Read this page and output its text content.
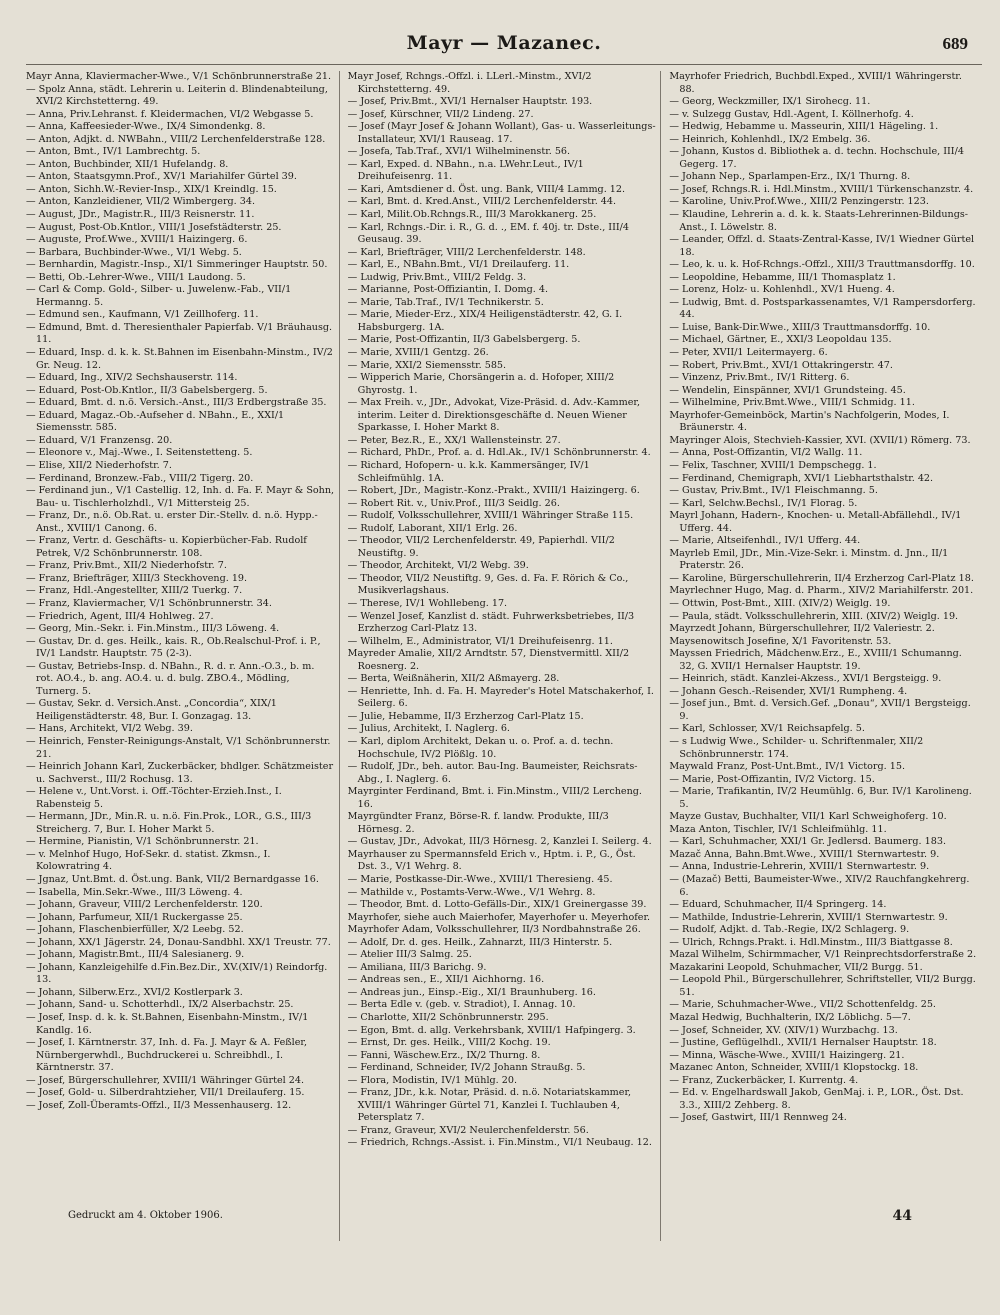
Mayr — Mazanec.	689
Mayr Anna, Klaviermacher-Wwe., V/1 Schönbrunnerstraße 21.
— Spolz Anna, städt. Lehrerin u. Leiterin d. Blindenabteilung, XVI/2 Kirchstetterng. 49.
— Anna, Priv.Lehranst. f. Kleidermachen, VI/2 Webgasse 5.
— Anna, Kaffeesieder-Wwe., IX/4 Simondenkg. 8.
— Anton, Adjkt. d. NWBahn., VIII/2 Lerchenfelderstraße 128.
— Anton, Bmt., IV/1 Lambrechtg. 5.
— Anton, Buchbinder, XII/1 Hufelandg. 8.
— Anton, Staatsgymn.Prof., XV/1 Mariahilfer Gürtel 39.
— Anton, Sichh.W.-Revier-Insp., XIX/1 Kreindlg. 15.
— Anton, Kanzleidiener, VII/2 Wimbergerg. 34.
— August, JDr., Magistr.R., III/3 Reisnerstr. 11.
— August, Post-Ob.Kntlor., VIII/1 Josefstädterstr. 25.
— Auguste, Prof.Wwe., XVIII/1 Haizingerg. 6.
— Barbara, Buchbinder-Wwe., VI/1 Webg. 5.
— Bernhardin, Magistr.-Insp., XI/1 Simmeringer Hauptstr. 50.
— Betti, Ob.-Lehrer-Wwe., VIII/1 Laudong. 5.
— Carl & Comp. Gold-, Silber- u. Juwelenw.-Fab., VII/1 Hermanng. 5.
— Edmund sen., Kaufmann, V/1 Zeillhoferg. 11.
— Edmund, Bmt. d. Theresienthaler Papierfab. V/1 Bräuhausg. 11.
— Eduard, Insp. d. k. k. St.Bahnen im Eisenbahn-Minstm., IV/2 Gr. Neug. 12.
— Eduard, Ing., XIV/2 Sechshauserstr. 114.
— Eduard, Post-Ob.Kntlor., II/3 Gabelsbergerg. 5.
— Eduard, Bmt. d. n.ö. Versich.-Anst., III/3 Erdbergstraße 35.
— Eduard, Magaz.-Ob.-Aufseher d. NBahn., E., XXI/1 Siemensstr. 585.
— Eduard, V/1 Franzensg. 20.
— Eleonore v., Maj.-Wwe., I. Seitenstetteng. 5.
— Elise, XII/2 Niederhofstr. 7.
— Ferdinand, Bronzew.-Fab., VIII/2 Tigerg. 20.
— Ferdinand jun., V/1 Castellig. 12, Inh. d. Fa. F. Mayr & Sohn, Bau- u. Tischlerholzhdl., V/1 Mittersteig 25.
— Franz, Dr., n.ö. Ob.Rat. u. erster Dir.-Stellv. d. n.ö. Hypp.-Anst., XVIII/1 Canong. 6.
— Franz, Vertr. d. Geschäfts- u. Kopierbücher-Fab. Rudolf Petrek, V/2 Schönbrunnerstr. 108.
— Franz, Priv.Bmt., XII/2 Niederhofstr. 7.
— Franz, Briefträger, XIII/3 Steckhoveng. 19.
— Franz, Hdl.-Angestellter, XIII/2 Tuerkg. 7.
— Franz, Klaviermacher, V/1 Schönbrunnerstr. 34.
— Friedrich, Agent, III/4 Hohlweg. 27.
— Georg, Min.-Sekr. i. Fin.Minstm., III/3 Löweng. 4.
— Gustav, Dr. d. ges. Heilk., kais. R., Ob.Realschul-Prof. i. P., IV/1 Landstr. Hauptstr. 75 (2-3).
— Gustav, Betriebs-Insp. d. NBahn., R. d. r. Ann.-O.3., b. m. rot. AO.4., b. ang. AO.4. u. d. bulg. ZBO.4., Mödling, Turnerg. 5.
— Gustav, Sekr. d. Versich.Anst. „Concordia“, XIX/1 Heiligenstädterstr. 48, Bur. I. Gonzagag. 13.
— Hans, Architekt, VI/2 Webg. 39.
— Heinrich, Fenster-Reinigungs-Anstalt, V/1 Schönbrunnerstr. 21.
— Heinrich Johann Karl, Zuckerbäcker, bhdlger. Schätzmeister u. Sachverst., III/2 Rochusg. 13.
— Helene v., Unt.Vorst. i. Off.-Töchter-Erzieh.Inst., I. Rabensteig 5.
— Hermann, JDr., Min.R. u. n.ö. Fin.Prok., LOR., G.S., III/3 Streicherg. 7, Bur. I. Hoher Markt 5.
— Hermine, Pianistin, V/1 Schönbrunnerstr. 21.
— v. Melnhof Hugo, Hof-Sekr. d. statist. Zkmsn., I. Kolowratring 4.
— Jgnaz, Unt.Bmt. d. Öst.ung. Bank, VII/2 Bernardgasse 16.
— Isabella, Min.Sekr.-Wwe., III/3 Löweng. 4.
— Johann, Graveur, VIII/2 Lerchenfelderstr. 120.
— Johann, Parfumeur, XII/1 Ruckergasse 25.
— Johann, Flaschenbierfüller, X/2 Leebg. 52.
— Johann, XX/1 Jägerstr. 24, Donau-Sandbhl. XX/1 Treustr. 77.
— Johann, Magistr.Bmt., III/4 Salesianerg. 9.
— Johann, Kanzleigehilfe d.Fin.Bez.Dir., XV.(XIV/1) Reindorfg. 13.
— Johann, Silberw.Erz., XVI/2 Kostlerpark 3.
— Johann, Sand- u. Schotterhdl., IX/2 Alserbachstr. 25.
— Josef, Insp. d. k. k. St.Bahnen, Eisenbahn-Minstm., IV/1 Kandlg. 16.
— Josef, I. Kärntnerstr. 37, Inh. d. Fa. J. Mayr & A. Feßler, Nürnbergerwhdl., Buchdruckerei u. Schreibhdl., I. Kärntnerstr. 37.
— Josef, Bürgerschullehrer, XVIII/1 Währinger Gürtel 24.
— Josef, Gold- u. Silberdrahtzieher, VII/1 Dreilauferg. 15.
— Josef, Zoll-Überamts-Offzl., II/3 Messenhauserg. 12.
Mayr Josef, Rchngs.-Offzl. i. LLerl.-Minstm., XVI/2 Kirchstetterng. 49.
— Josef, Priv.Bmt., XVI/1 Hernalser Hauptstr. 193.
— Josef, Kürschner, VII/2 Lindeng. 27.
— Josef (Mayr Josef & Johann Wollant), Gas- u. Wasserleitungs-Installateur, XVI/1 Rauseag. 17.
— Josefa, Tab.Traf., XVI/1 Wilhelminenstr. 56.
— Karl, Exped. d. NBahn., n.a. LWehr.Leut., IV/1 Dreihufeisenrg. 11.
— Kari, Amtsdiener d. Öst. ung. Bank, VIII/4 Lammg. 12.
— Karl, Bmt. d. Kred.Anst., VIII/2 Lerchenfelderstr. 44.
— Karl, Milit.Ob.Rchngs.R., III/3 Marokkanerg. 25.
— Karl, Rchngs.-Dir. i. R., G. d. ., EM. f. 40j. tr. Dste., III/4 Geusaug. 39.
— Karl, Briefträger, VIII/2 Lerchenfelderstr. 148.
— Karl, E., NBahn.Bmt., VI/1 Dreilauferg. 11.
— Ludwig, Priv.Bmt., VIII/2 Feldg. 3.
— Marianne, Post-Offiziantin, I. Domg. 4.
— Marie, Tab.Traf., IV/1 Technikerstr. 5.
— Marie, Mieder-Erz., XIX/4 Heiligenstädterstr. 42, G. I. Habsburgerg. 1A.
— Marie, Post-Offizantin, II/3 Gabelsbergerg. 5.
— Marie, XVIII/1 Gentzg. 26.
— Marie, XXI/2 Siemensstr. 585.
— Wipperich Marie, Chorsängerin a. d. Hofoper, XIII/2 Ghyrostg. 1.
— Max Freih. v., JDr., Advokat, Vize-Präsid. d. Adv.-Kammer, interim. Leiter d. Direktionsgeschäfte d. Neuen Wiener Sparkasse, I. Hoher Markt 8.
— Peter, Bez.R., E., XX/1 Wallensteinstr. 27.
— Richard, PhDr., Prof. a. d. Hdl.Ak., IV/1 Schönbrunnerstr. 4.
— Richard, Hofopern- u. k.k. Kammersänger, IV/1 Schleifmühlg. 1A.
— Robert, JDr., Magistr.-Konz.-Prakt., XVIII/1 Haizingerg. 6.
— Robert Rit. v., Univ.Prof., III/3 Seidlg. 26.
— Rudolf, Volksschullehrer, XVIII/1 Währinger Straße 115.
— Rudolf, Laborant, XII/1 Erlg. 26.
— Theodor, VII/2 Lerchenfelderstr. 49, Papierhdl. VII/2 Neustiftg. 9.
— Theodor, Architekt, VI/2 Webg. 39.
— Theodor, VII/2 Neustiftg. 9, Ges. d. Fa. F. Rörich & Co., Musikverlagshaus.
— Therese, IV/1 Wohllebeng. 17.
— Wenzel Josef, Kanzlist d. städt. Fuhrwerksbetriebes, II/3 Erzherzog Carl-Platz 13.
— Wilhelm, E., Administrator, VI/1 Dreihufeisenrg. 11.
Mayreder Amalie, XII/2 Arndtstr. 57, Dienstvermittl. XII/2 Roesnerg. 2.
— Berta, Weißnäherin, XII/2 Aßmayerg. 28.
— Henriette, Inh. d. Fa. H. Mayreder's Hotel Matschakerhof, I. Seilerg. 6.
— Julie, Hebamme, II/3 Erzherzog Carl-Platz 15.
— Julius, Architekt, I. Naglerg. 6.
— Karl, diplom Architekt, Dekan u. o. Prof. a. d. techn. Hochschule, IV/2 Plößlg. 10.
— Rudolf, JDr., beh. autor. Bau-Ing. Baumeister, Reichsrats-Abg., I. Naglerg. 6.
Mayrginter Ferdinand, Bmt. i. Fin.Minstm., VIII/2 Lercheng. 16.
Mayrgündter Franz, Börse-R. f. landw. Produkte, III/3 Hörnesg. 2.
— Gustav, JDr., Advokat, III/3 Hörnesg. 2, Kanzlei I. Seilerg. 4.
Mayrhauser zu Spermannsfeld Erich v., Hptm. i. P., G., Öst. Dst. 3., V/1 Wehrg. 8.
— Marie, Postkasse-Dir.-Wwe., XVIII/1 Theresieng. 45.
— Mathilde v., Postamts-Verw.-Wwe., V/1 Wehrg. 8.
— Theodor, Bmt. d. Lotto-Gefälls-Dir., XIX/1 Greinergasse 39.
Mayrhofer, siehe auch Maierhofer, Mayerhofer u. Meyerhofer.
Mayrhofer Adam, Volksschullehrer, II/3 Nordbahnstraße 26.
— Adolf, Dr. d. ges. Heilk., Zahnarzt, III/3 Hinterstr. 5.
— Atelier III/3 Salmg. 25.
— Amiliana, III/3 Barichg. 9.
— Andreas sen., E., XII/1 Aichhorng. 16.
— Andreas jun., Einsp.-Eig., XI/1 Braunhuberg. 16.
— Berta Edle v. (geb. v. Stradiot), I. Annag. 10.
— Charlotte, XII/2 Schönbrunnerstr. 295.
— Egon, Bmt. d. allg. Verkehrsbank, XVIII/1 Hafpingerg. 3.
— Ernst, Dr. ges. Heilk., VIII/2 Kochg. 19.
— Fanni, Wäschew.Erz., IX/2 Thurng. 8.
— Ferdinand, Schneider, IV/2 Johann Straußg. 5.
— Flora, Modistin, IV/1 Mühlg. 20.
— Franz, JDr., k.k. Notar, Präsid. d. n.ö. Notariatskammer, XVIII/1 Währinger Gürtel 71, Kanzlei I. Tuchlauben 4, Petersplatz 7.
— Franz, Graveur, XVI/2 Neulerchenfelderstr. 56.
— Friedrich, Rchngs.-Assist. i. Fin.Minstm., VI/1 Neubaug. 12.
Mayrhofer Friedrich, Buchbdl.Exped., XVIII/1 Währingerstr. 88.
— Georg, Weckzmiller, IX/1 Sirohecg. 11.
— v. Sulzegg Gustav, Hdl.-Agent, I. Köllnerhofg. 4.
— Hedwig, Hebamme u. Masseurin, XIII/1 Hägeling. 1.
— Heinrich, Kohlenhdl., IX/2 Embelg. 36.
— Johann, Kustos d. Bibliothek a. d. techn. Hochschule, III/4 Gegerg. 17.
— Johann Nep., Sparlampen-Erz., IX/1 Thurng. 8.
— Josef, Rchngs.R. i. Hdl.Minstm., XVIII/1 Türkenschanzstr. 4.
— Karoline, Univ.Prof.Wwe., XIII/2 Penzingerstr. 123.
— Klaudine, Lehrerin a. d. k. k. Staats-Lehrerinnen-Bildungs-Anst., I. Löwelstr. 8.
— Leander, Offzl. d. Staats-Zentral-Kasse, IV/1 Wiedner Gürtel 18.
— Leo, k. u. k. Hof-Rchngs.-Offzl., XIII/3 Trauttmansdorffg. 10.
— Leopoldine, Hebamme, III/1 Thomasplatz 1.
— Lorenz, Holz- u. Kohlenhdl., XV/1 Hueng. 4.
— Ludwig, Bmt. d. Postsparkassenamtes, V/1 Rampersdorferg. 44.
— Luise, Bank-Dir.Wwe., XIII/3 Trauttmansdorffg. 10.
— Michael, Gärtner, E., XXI/3 Leopoldau 135.
— Peter, XVII/1 Leitermayerg. 6.
— Robert, Priv.Bmt., XVI/1 Ottakringerstr. 47.
— Vinzenz, Priv.Bmt., IV/1 Ritterg. 6.
— Wendelin, Einspänner, XVI/1 Grundsteing. 45.
— Wilhelmine, Priv.Bmt.Wwe., VIII/1 Schmidg. 11.
Mayrhofer-Gemeinböck, Martin's Nachfolgerin, Modes, I. Bräunerstr. 4.
Mayringer Alois, Stechvieh-Kassier, XVI. (XVII/1) Römerg. 73.
— Anna, Post-Offizantin, VI/2 Wallg. 11.
— Felix, Taschner, XVIII/1 Dempschegg. 1.
— Ferdinand, Chemigraph, XVI/1 Liebhartsthalstr. 42.
— Gustav, Priv.Bmt., IV/1 Fleischmanng. 5.
— Karl, Selchw.Bechsl., IV/1 Florag. 5.
Mayrl Johann, Hadern-, Knochen- u. Metall-Abfällehdl., IV/1 Ufferg. 44.
— Marie, Altseifenhdl., IV/1 Ufferg. 44.
Mayrleb Emil, JDr., Min.-Vize-Sekr. i. Minstm. d. Jnn., II/1 Praterstr. 26.
— Karoline, Bürgerschullehrerin, II/4 Erzherzog Carl-Platz 18.
Mayrlechner Hugo, Mag. d. Pharm., XIV/2 Mariahilferstr. 201.
— Ottwin, Post-Bmt., XIII. (XIV/2) Weiglg. 19.
— Paula, städt. Volksschullehrerin, XIII. (XIV/2) Weiglg. 19.
Mayrzedt Johann, Bürgerschullehrer, II/2 Valeriestr. 2.
Maysenowitsch Josefine, X/1 Favoritenstr. 53.
Mayssen Friedrich, Mädchenw.Erz., E., XVIII/1 Schumanng. 32, G. XVII/1 Hernalser Hauptstr. 19.
— Heinrich, städt. Kanzlei-Akzess., XVI/1 Bergsteigg. 9.
— Johann Gesch.-Reisender, XVI/1 Rumpheng. 4.
— Josef jun., Bmt. d. Versich.Gef. „Donau“, XVII/1 Bergsteigg. 9.
— Karl, Schlosser, XV/1 Reichsapfelg. 5.
— s Ludwig Wwe., Schilder- u. Schriftenmaler, XII/2 Schönbrunnerstr. 174.
Maywald Franz, Post-Unt.Bmt., IV/1 Victorg. 15.
— Marie, Post-Offizantin, IV/2 Victorg. 15.
— Marie, Trafikantin, IV/2 Heumühlg. 6, Bur. IV/1 Karolineng. 5.
Mayze Gustav, Buchhalter, VII/1 Karl Schweighoferg. 10.
Maza Anton, Tischler, IV/1 Schleifmühlg. 11.
— Karl, Schuhmacher, XXI/1 Gr. Jedlersd. Baumerg. 183.
Mazač Anna, Bahn.Bmt.Wwe., XVIII/1 Sternwartestr. 9.
— Anna, Industrie-Lehrerin, XVIII/1 Sternwartestr. 9.
— (Mazač) Betti, Baumeister-Wwe., XIV/2 Rauchfangkehrerg. 6.
— Eduard, Schuhmacher, II/4 Springerg. 14.
— Mathilde, Industrie-Lehrerin, XVIII/1 Sternwartestr. 9.
— Rudolf, Adjkt. d. Tab.-Regie, IX/2 Schlagerg. 9.
— Ulrich, Rchngs.Prakt. i. Hdl.Minstm., III/3 Biattgasse 8.
Mazal Wilhelm, Schirmmacher, V/1 Reinprechtsdorferstraße 2.
Mazakarini Leopold, Schuhmacher, VII/2 Burgg. 51.
— Leopold Phil., Bürgerschullehrer, Schriftsteller, VII/2 Burgg. 51.
— Marie, Schuhmacher-Wwe., VII/2 Schottenfeldg. 25.
Mazal Hedwig, Buchhalterin, IX/2 Löblichg. 5—7.
— Josef, Schneider, XV. (XIV/1) Wurzbachg. 13.
— Justine, Geflügelhdl., XVII/1 Hernalser Hauptstr. 18.
— Minna, Wäsche-Wwe., XVIII/1 Haizingerg. 21.
Mazanec Anton, Schneider, XVIII/1 Klopstockg. 18.
— Franz, Zuckerbäcker, I. Kurrentg. 4.
— Ed. v. Engelhardswall Jakob, GenMaj. i. P., LOR., Öst. Dst. 3.3., XIII/2 Zehberg. 8.
— Josef, Gastwirt, III/1 Rennweg 24.
Gedruckt am 4. Oktober 1906.	44
